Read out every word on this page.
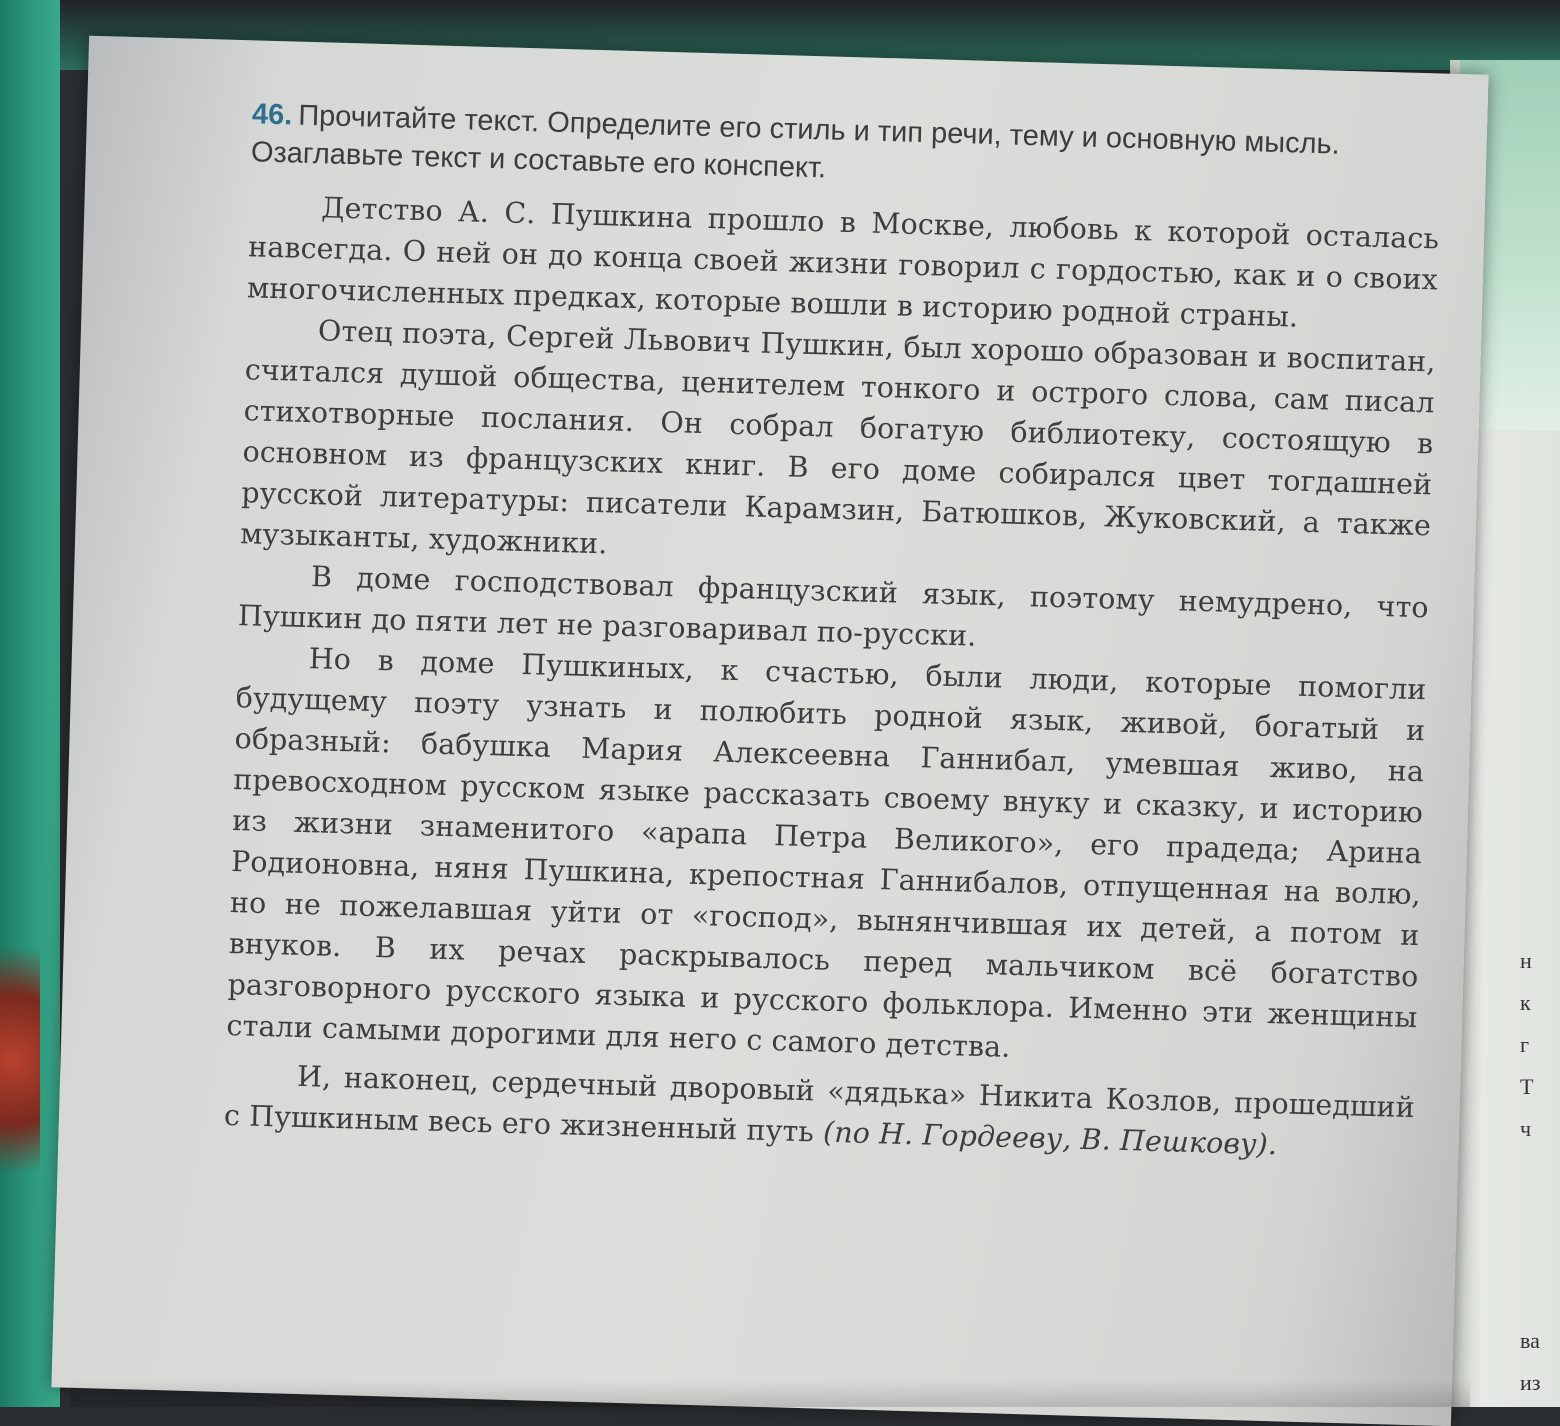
н
к
г
Т
ч
ва
из

46. Прочитайте текст. Определите его стиль и тип речи, тему и основную мысль. Озаглавьте текст и составьте его конспект.

Детство А. С. Пушкина прошло в Москве, любовь к которой осталась навсегда. О ней он до конца своей жизни говорил с гордостью, как и о своих многочисленных предках, которые вошли в историю родной страны.

Отец поэта, Сергей Львович Пушкин, был хорошо образован и воспитан, считался душой общества, ценителем тонкого и острого слова, сам писал стихотворные послания. Он собрал богатую библиотеку, состоящую в основном из французских книг. В его доме собирался цвет тогдашней русской литературы: писатели Карамзин, Батюшков, Жуковский, а также музыканты, художники.

В доме господствовал французский язык, поэтому немудрено, что Пушкин до пяти лет не разговаривал по-русски.

Но в доме Пушкиных, к счастью, были люди, которые помогли будущему поэту узнать и полюбить родной язык, живой, богатый и образный: бабушка Мария Алексеевна Ганнибал, умевшая живо, на превосходном русском языке рассказать своему внуку и сказку, и историю из жизни знаменитого «арапа Петра Великого», его прадеда; Арина Родионовна, няня Пушкина, крепостная Ганнибалов, отпущенная на волю, но не пожелавшая уйти от «господ», вынянчившая их детей, а потом и внуков. В их речах раскрывалось перед мальчиком всё богатство разговорного русского языка и русского фольклора. Именно эти женщины стали самыми дорогими для него с самого детства.

И, наконец, сердечный дворовый «дядька» Никита Козлов, прошедший с Пушкиным весь его жизненный путь (по Н. Гордееву, В. Пешкову).
